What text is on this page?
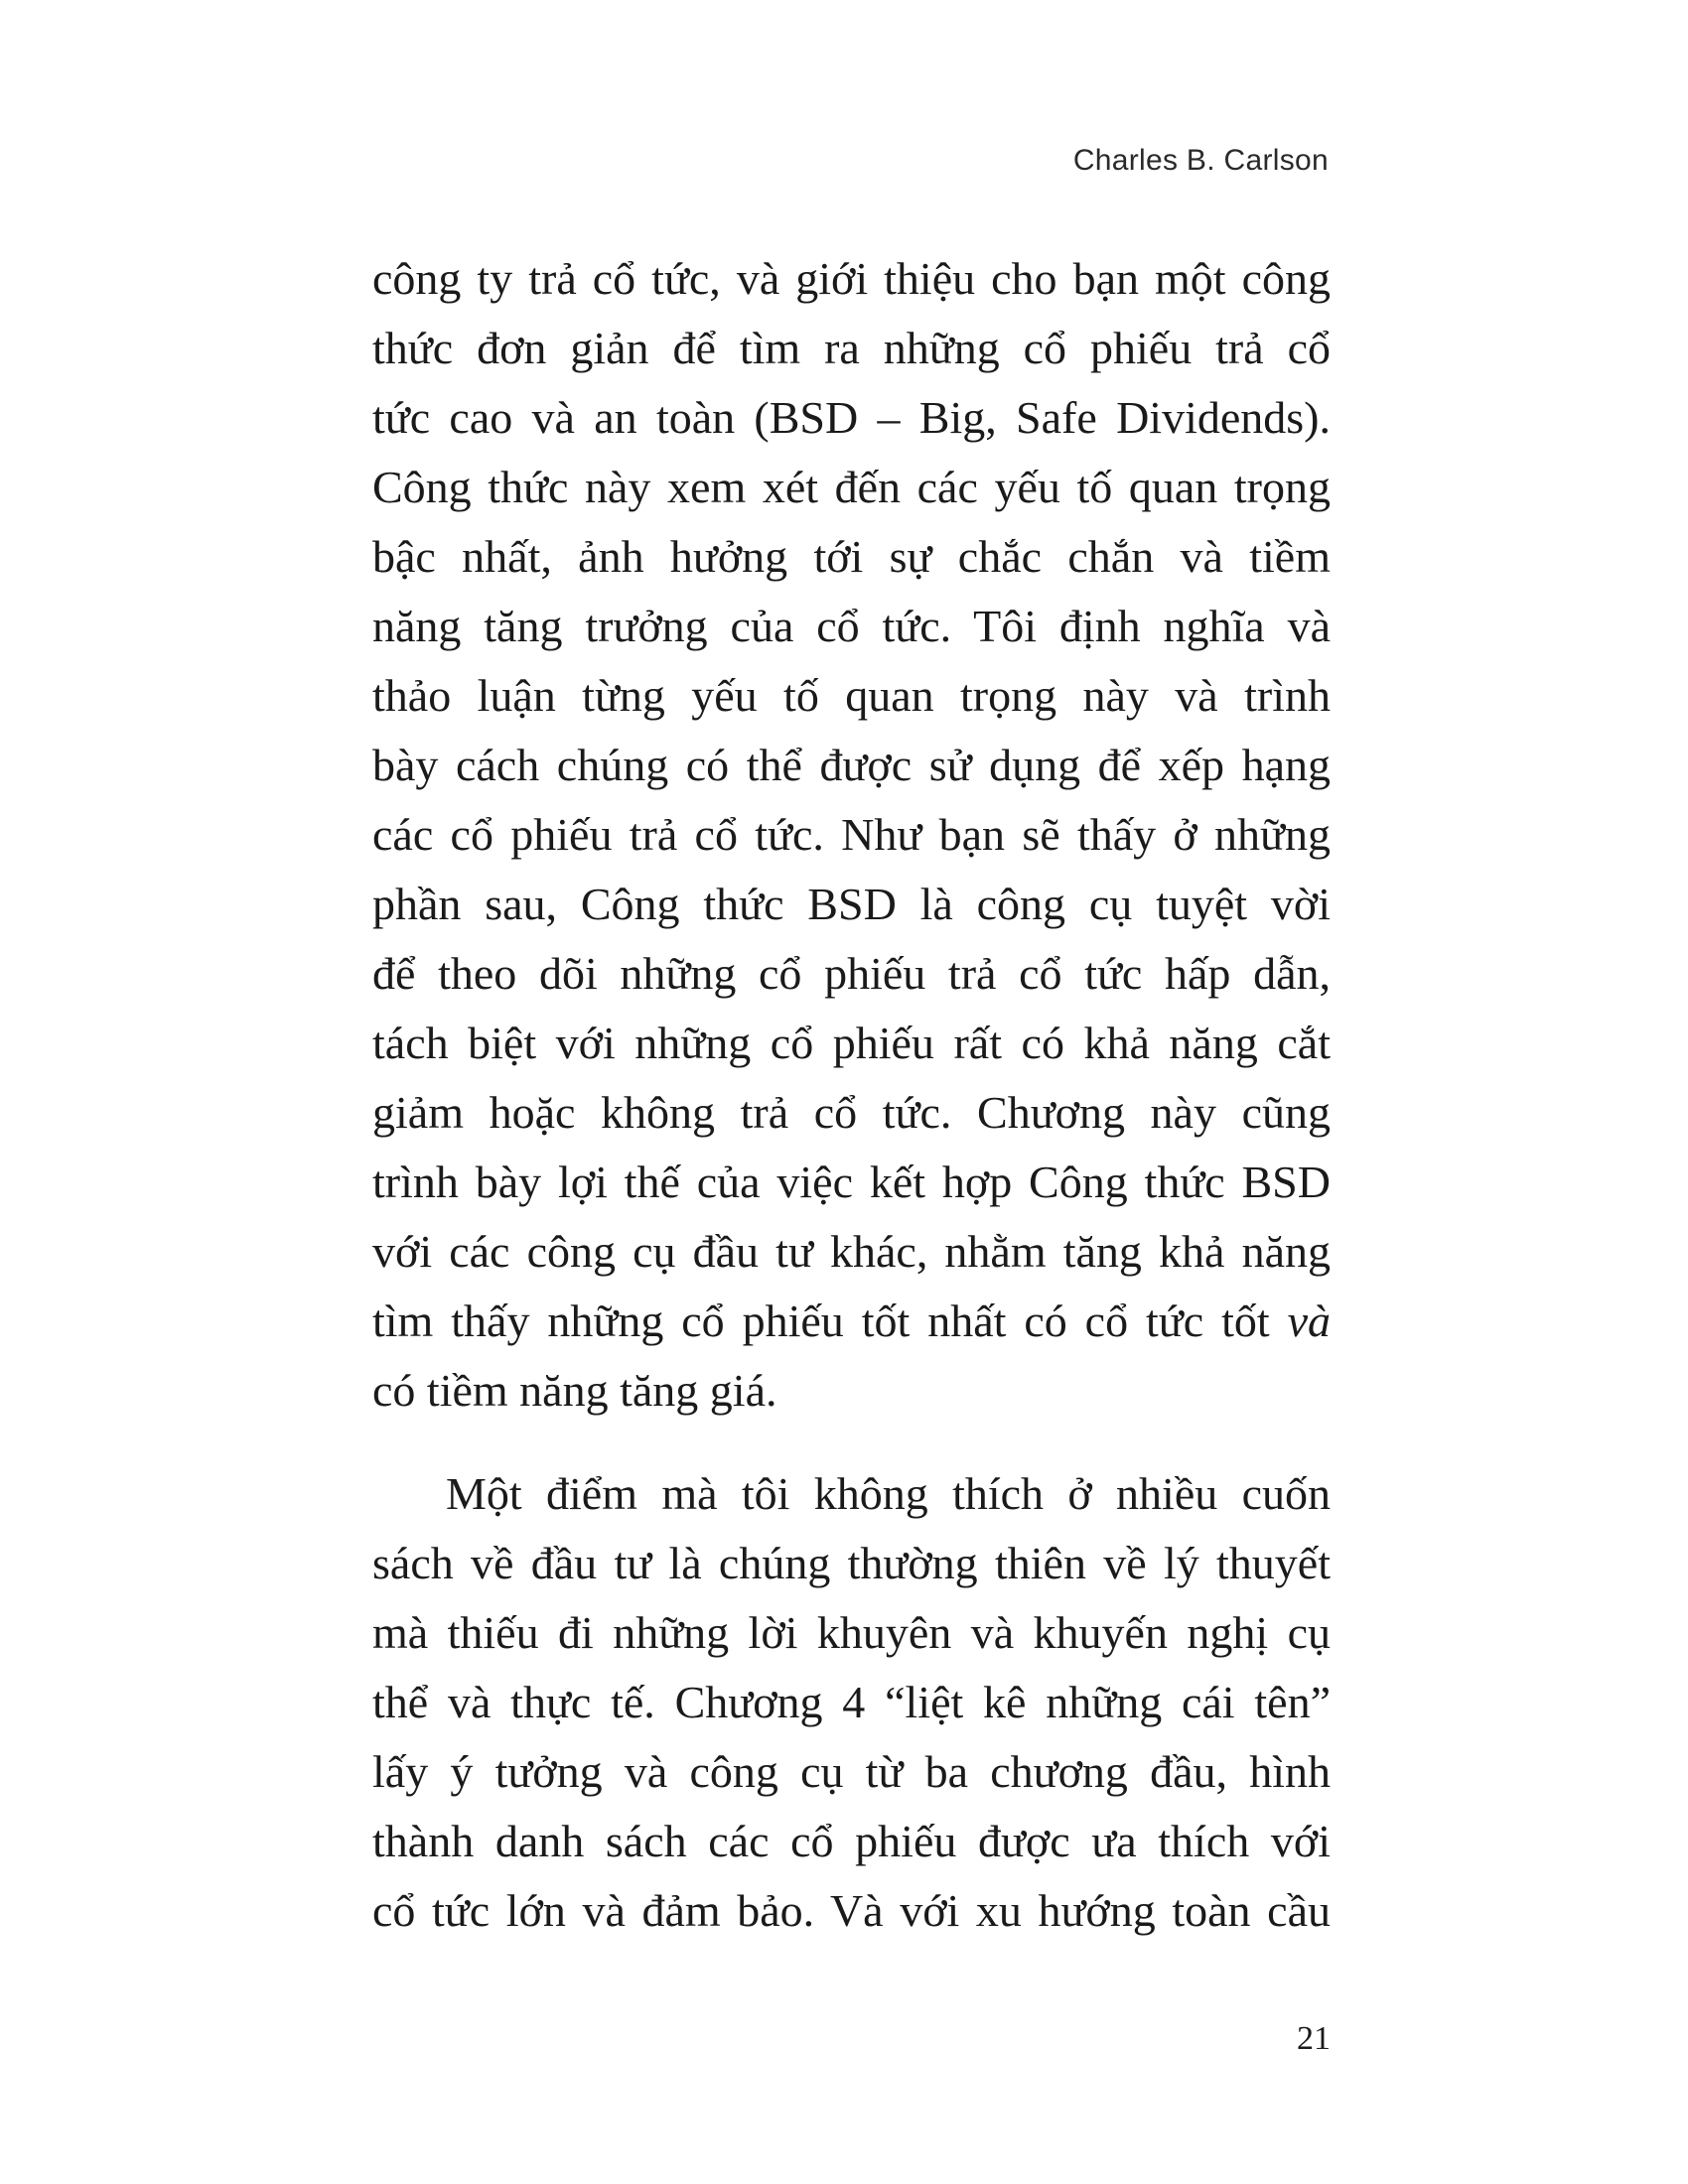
Charles B. Carlson

công ty trả cổ tức, và giới thiệu cho bạn một công
thức đơn giản để tìm ra những cổ phiếu trả cổ
tức cao và an toàn (BSD – Big, Safe Dividends).
Công thức này xem xét đến các yếu tố quan trọng
bậc nhất, ảnh hưởng tới sự chắc chắn và tiềm
năng tăng trưởng của cổ tức. Tôi định nghĩa và
thảo luận từng yếu tố quan trọng này và trình
bày cách chúng có thể được sử dụng để xếp hạng
các cổ phiếu trả cổ tức. Như bạn sẽ thấy ở những
phần sau, Công thức BSD là công cụ tuyệt vời
để theo dõi những cổ phiếu trả cổ tức hấp dẫn,
tách biệt với những cổ phiếu rất có khả năng cắt
giảm hoặc không trả cổ tức. Chương này cũng
trình bày lợi thế của việc kết hợp Công thức BSD
với các công cụ đầu tư khác, nhằm tăng khả năng
tìm thấy những cổ phiếu tốt nhất có cổ tức tốt và
có tiềm năng tăng giá.

Một điểm mà tôi không thích ở nhiều cuốn
sách về đầu tư là chúng thường thiên về lý thuyết
mà thiếu đi những lời khuyên và khuyến nghị cụ
thể và thực tế. Chương 4 “liệt kê những cái tên”
lấy ý tưởng và công cụ từ ba chương đầu, hình
thành danh sách các cổ phiếu được ưa thích với
cổ tức lớn và đảm bảo. Và với xu hướng toàn cầu

21
